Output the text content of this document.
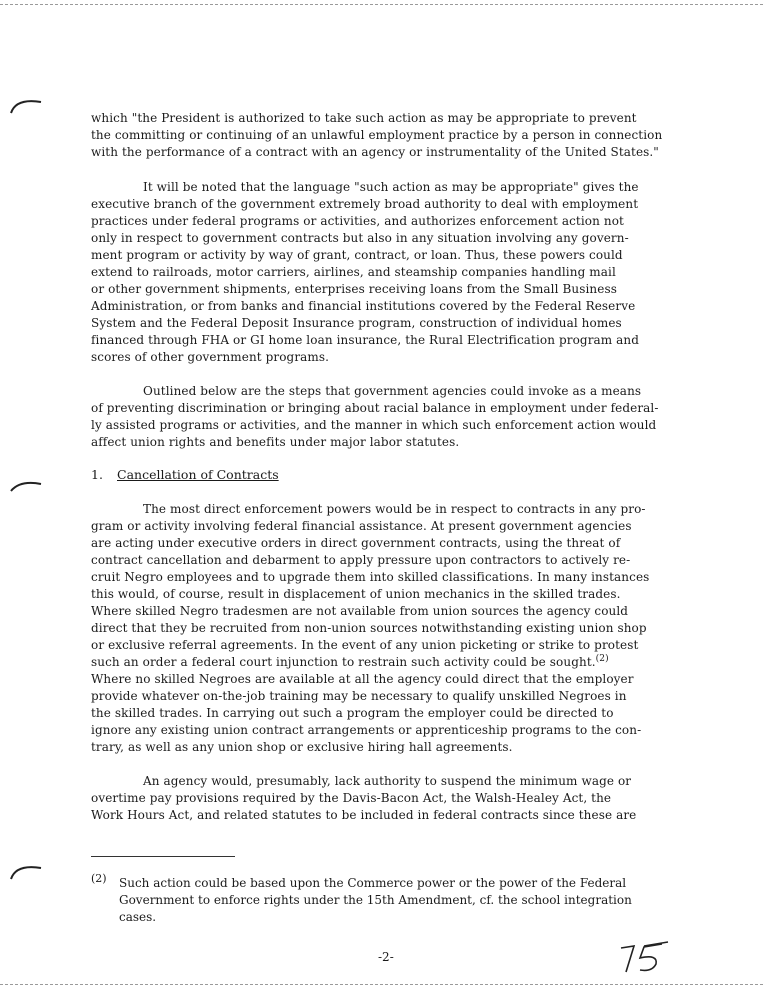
which "the President is authorized to take such action as may be appropriate to prevent
the committing or continuing of an unlawful employment practice by a person in connection
with the performance of a contract with an agency or instrumentality of the United States."
It will be noted that the language "such action as may be appropriate" gives the
executive branch of the government extremely broad authority to deal with employment
practices under federal programs or activities, and authorizes enforcement action not
only in respect to government contracts but also in any situation involving any govern-
ment program or activity by way of grant, contract, or loan. Thus, these powers could
extend to railroads, motor carriers, airlines, and steamship companies handling mail
or other government shipments, enterprises receiving loans from the Small Business
Administration, or from banks and financial institutions covered by the Federal Reserve
System and the Federal Deposit Insurance program, construction of individual homes
financed through FHA or GI home loan insurance, the Rural Electrification program and
scores of other government programs.
Outlined below are the steps that government agencies could invoke as a means
of preventing discrimination or bringing about racial balance in employment under federal-
ly assisted programs or activities, and the manner in which such enforcement action would
affect union rights and benefits under major labor statutes.
1. Cancellation of Contracts
The most direct enforcement powers would be in respect to contracts in any pro-
gram or activity involving federal financial assistance. At present government agencies
are acting under executive orders in direct government contracts, using the threat of
contract cancellation and debarment to apply pressure upon contractors to actively re-
cruit Negro employees and to upgrade them into skilled classifications. In many instances
this would, of course, result in displacement of union mechanics in the skilled trades.
Where skilled Negro tradesmen are not available from union sources the agency could
direct that they be recruited from non-union sources notwithstanding existing union shop
or exclusive referral agreements. In the event of any union picketing or strike to protest
such an order a federal court injunction to restrain such activity could be sought.$^{(2)}$
Where no skilled Negroes are available at all the agency could direct that the employer
provide whatever on-the-job training may be necessary to qualify unskilled Negroes in
the skilled trades. In carrying out such a program the employer could be directed to
ignore any existing union contract arrangements or apprenticeship programs to the con-
trary, as well as any union shop or exclusive hiring hall agreements.
An agency would, presumably, lack authority to suspend the minimum wage or
overtime pay provisions required by the Davis-Bacon Act, the Walsh-Healey Act, the
Work Hours Act, and related statutes to be included in federal contracts since these are
(2) Such action could be based upon the Commerce power or the power of the Federal
Government to enforce rights under the 15th Amendment, cf. the school integration
cases.
-2-
